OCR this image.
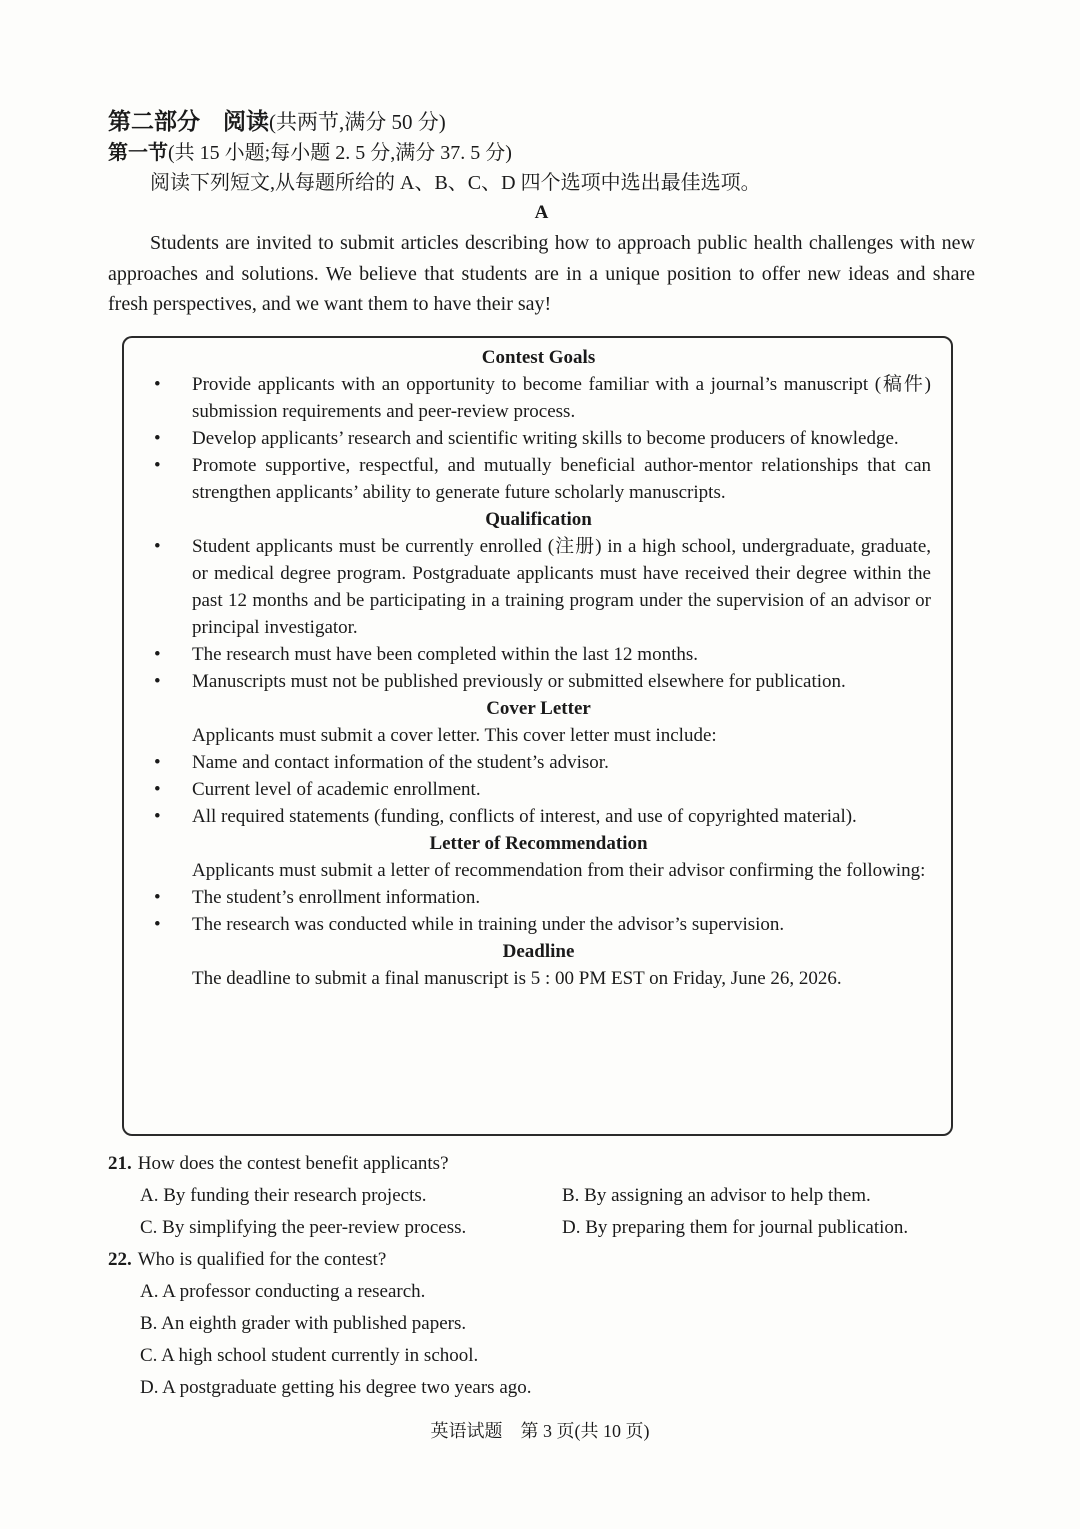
第二部分　阅读(共两节,满分 50 分)
第一节(共 15 小题;每小题 2. 5 分,满分 37. 5 分)
阅读下列短文,从每题所给的 A、B、C、D 四个选项中选出最佳选项。
A

Students are invited to submit articles describing how to approach public health challenges with new approaches and solutions. We believe that students are in a unique position to offer new ideas and share fresh perspectives, and we want them to have their say!

Contest Goals
• Provide applicants with an opportunity to become familiar with a journal’s manuscript (稿件) submission requirements and peer-review process.
• Develop applicants’ research and scientific writing skills to become producers of knowledge.
• Promote supportive, respectful, and mutually beneficial author-mentor relationships that can strengthen applicants’ ability to generate future scholarly manuscripts.
Qualification
• Student applicants must be currently enrolled (注册) in a high school, undergraduate, graduate, or medical degree program. Postgraduate applicants must have received their degree within the past 12 months and be participating in a training program under the supervision of an advisor or principal investigator.
• The research must have been completed within the last 12 months.
• Manuscripts must not be published previously or submitted elsewhere for publication.
Cover Letter

Applicants must submit a cover letter. This cover letter must include:

• Name and contact information of the student’s advisor.
• Current level of academic enrollment.
• All required statements (funding, conflicts of interest, and use of copyrighted material).
Letter of Recommendation

Applicants must submit a letter of recommendation from their advisor confirming the following:

• The student’s enrollment information.
• The research was conducted while in training under the advisor’s supervision.
Deadline

The deadline to submit a final manuscript is 5 : 00 PM EST on Friday, June 26, 2026.

21. How does the contest benefit applicants?
A. By funding their research projects.	B. By assigning an advisor to help them.
C. By simplifying the peer-review process.	D. By preparing them for journal publication.
22. Who is qualified for the contest?
A. A professor conducting a research.
B. An eighth grader with published papers.
C. A high school student currently in school.
D. A postgraduate getting his degree two years ago.
英语试题　第 3 页(共 10 页)
